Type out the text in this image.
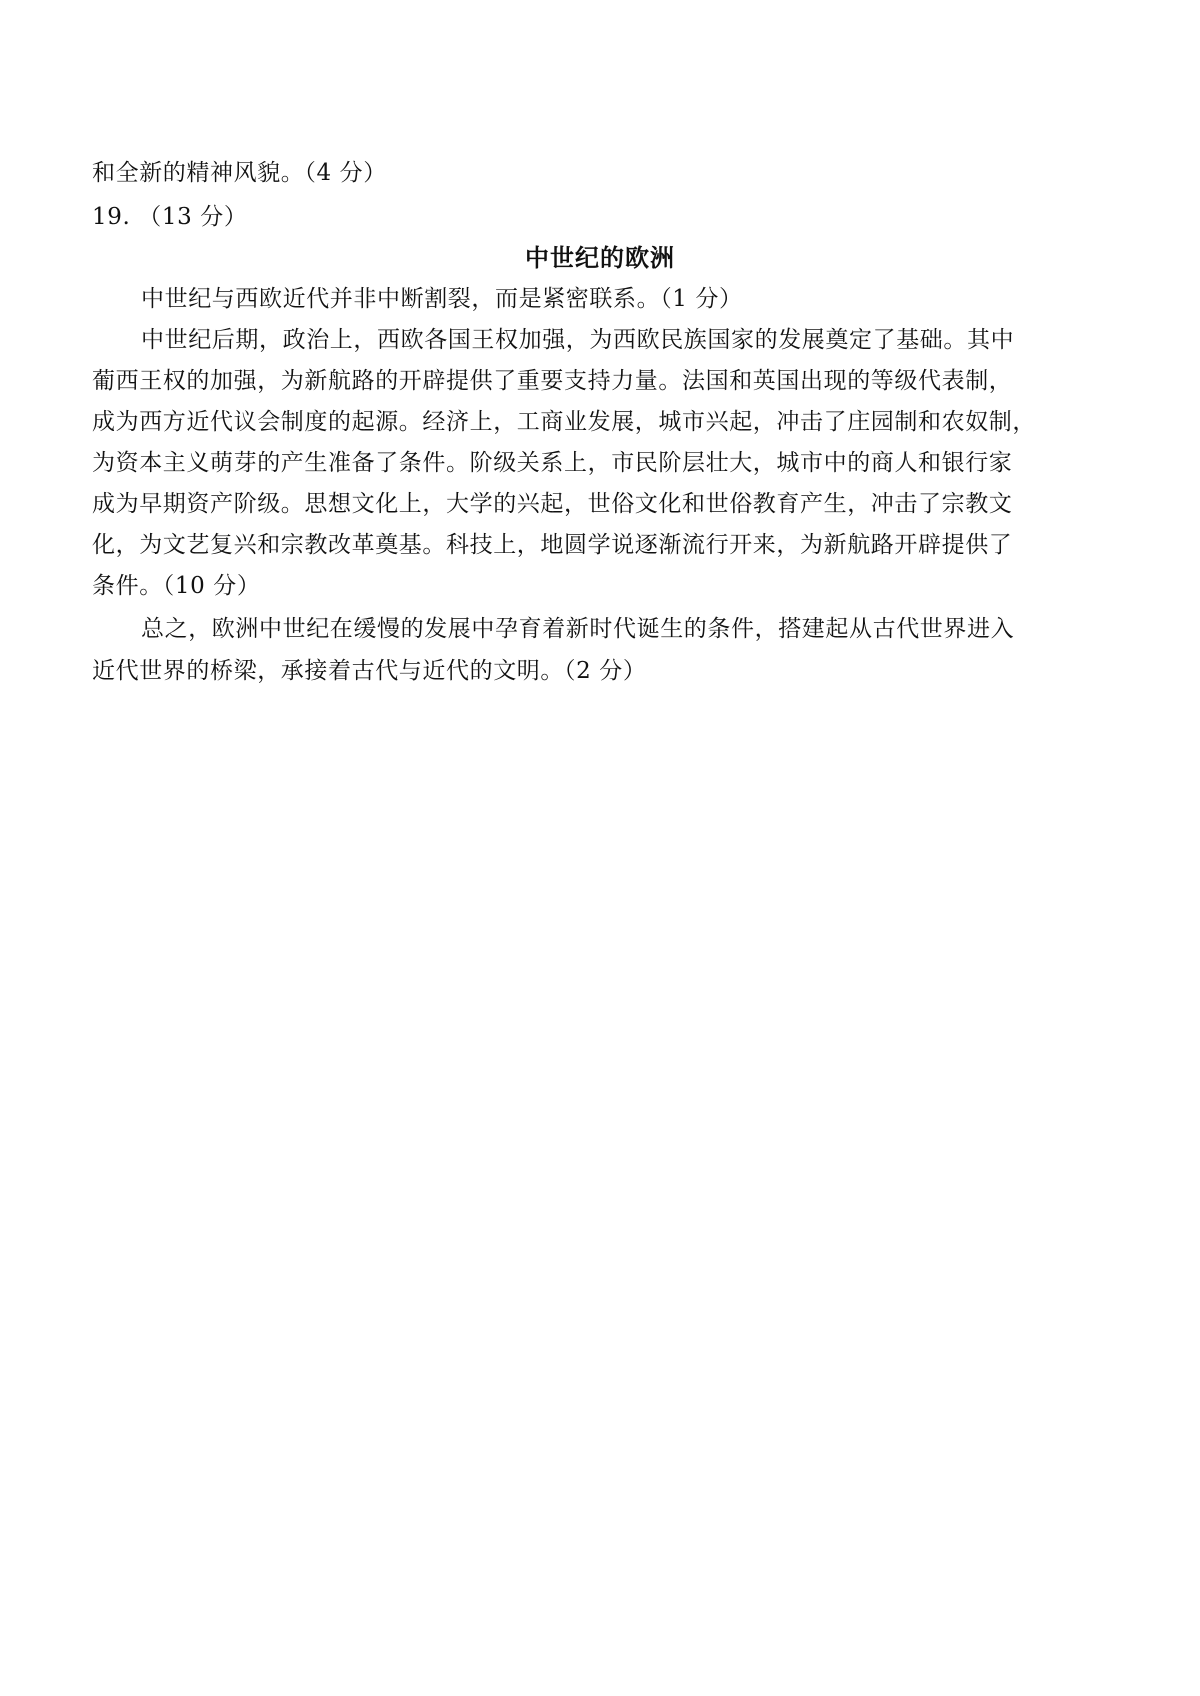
和全新的精神风貌。（4 分）
19. （13 分）
中世纪的欧洲
中世纪与西欧近代并非中断割裂，而是紧密联系。（1 分）
中世纪后期，政治上，西欧各国王权加强，为西欧民族国家的发展奠定了基础。其中
葡西王权的加强，为新航路的开辟提供了重要支持力量。法国和英国出现的等级代表制，
成为西方近代议会制度的起源。经济上，工商业发展，城市兴起，冲击了庄园制和农奴制，
为资本主义萌芽的产生准备了条件。阶级关系上，市民阶层壮大，城市中的商人和银行家
成为早期资产阶级。思想文化上，大学的兴起，世俗文化和世俗教育产生，冲击了宗教文
化，为文艺复兴和宗教改革奠基。科技上，地圆学说逐渐流行开来，为新航路开辟提供了
条件。（10 分）
总之，欧洲中世纪在缓慢的发展中孕育着新时代诞生的条件，搭建起从古代世界进入
近代世界的桥梁，承接着古代与近代的文明。（2 分）
